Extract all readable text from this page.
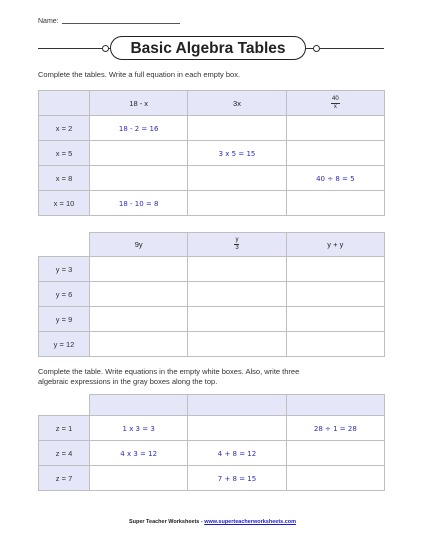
Name:
Basic Algebra Tables
Complete the tables. Write a full equation in each empty box.
	18 - x	3x	$\frac{40}{x}$

x = 2	18 - 2 = 16		
x = 5		3 x 5 = 15	
x = 8			40 ÷ 8 = 5
x = 10	18 - 10 = 8		
	9y	$\frac{y}{3}$	y + y
y = 3			
y = 6			
y = 9			
y = 12			
Complete the table. Write equations in the empty white boxes. Also, write three
algebraic expressions in the gray boxes along the top.

z = 1	1 x 3 = 3		28 ÷ 1 = 28
z = 4	4 x 3 = 12	4 + 8 = 12	
z = 7		7 + 8 = 15	
Super Teacher Worksheets - www.superteacherworksheets.com
